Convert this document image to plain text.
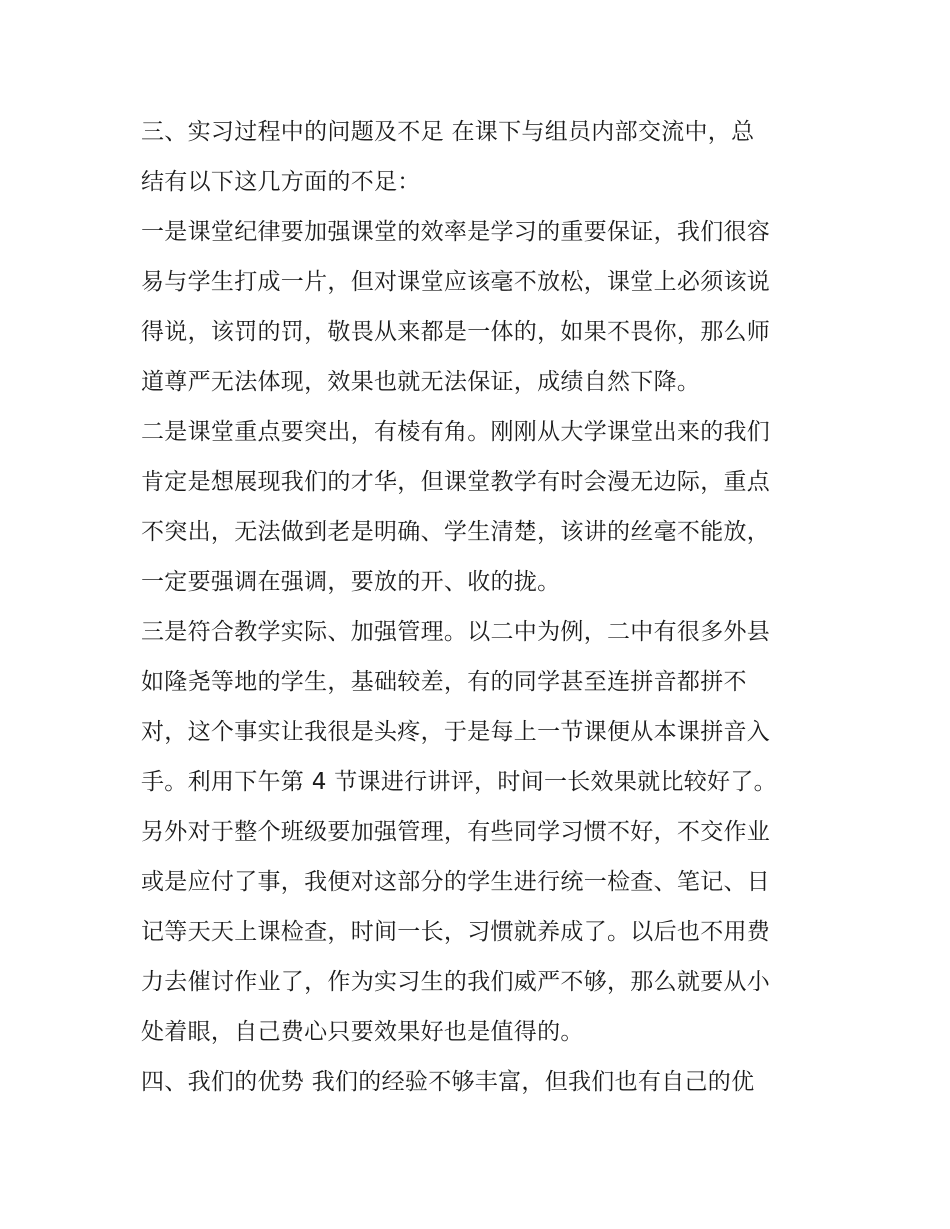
三、实习过程中的问题及不足 在课下与组员内部交流中，总
结有以下这几方面的不足：
一是课堂纪律要加强课堂的效率是学习的重要保证，我们很容
易与学生打成一片，但对课堂应该毫不放松，课堂上必须该说
得说，该罚的罚，敬畏从来都是一体的，如果不畏你，那么师
道尊严无法体现，效果也就无法保证，成绩自然下降。
二是课堂重点要突出，有棱有角。刚刚从大学课堂出来的我们
肯定是想展现我们的才华，但课堂教学有时会漫无边际，重点
不突出，无法做到老是明确、学生清楚，该讲的丝毫不能放，
一定要强调在强调，要放的开、收的拢。
三是符合教学实际、加强管理。以二中为例，二中有很多外县
如隆尧等地的学生，基础较差，有的同学甚至连拼音都拼不
对，这个事实让我很是头疼，于是每上一节课便从本课拼音入
手。利用下午第 4 节课进行讲评，时间一长效果就比较好了。
另外对于整个班级要加强管理，有些同学习惯不好，不交作业
或是应付了事，我便对这部分的学生进行统一检查、笔记、日
记等天天上课检查，时间一长，习惯就养成了。以后也不用费
力去催讨作业了，作为实习生的我们威严不够，那么就要从小
处着眼，自己费心只要效果好也是值得的。
四、我们的优势 我们的经验不够丰富，但我们也有自己的优
